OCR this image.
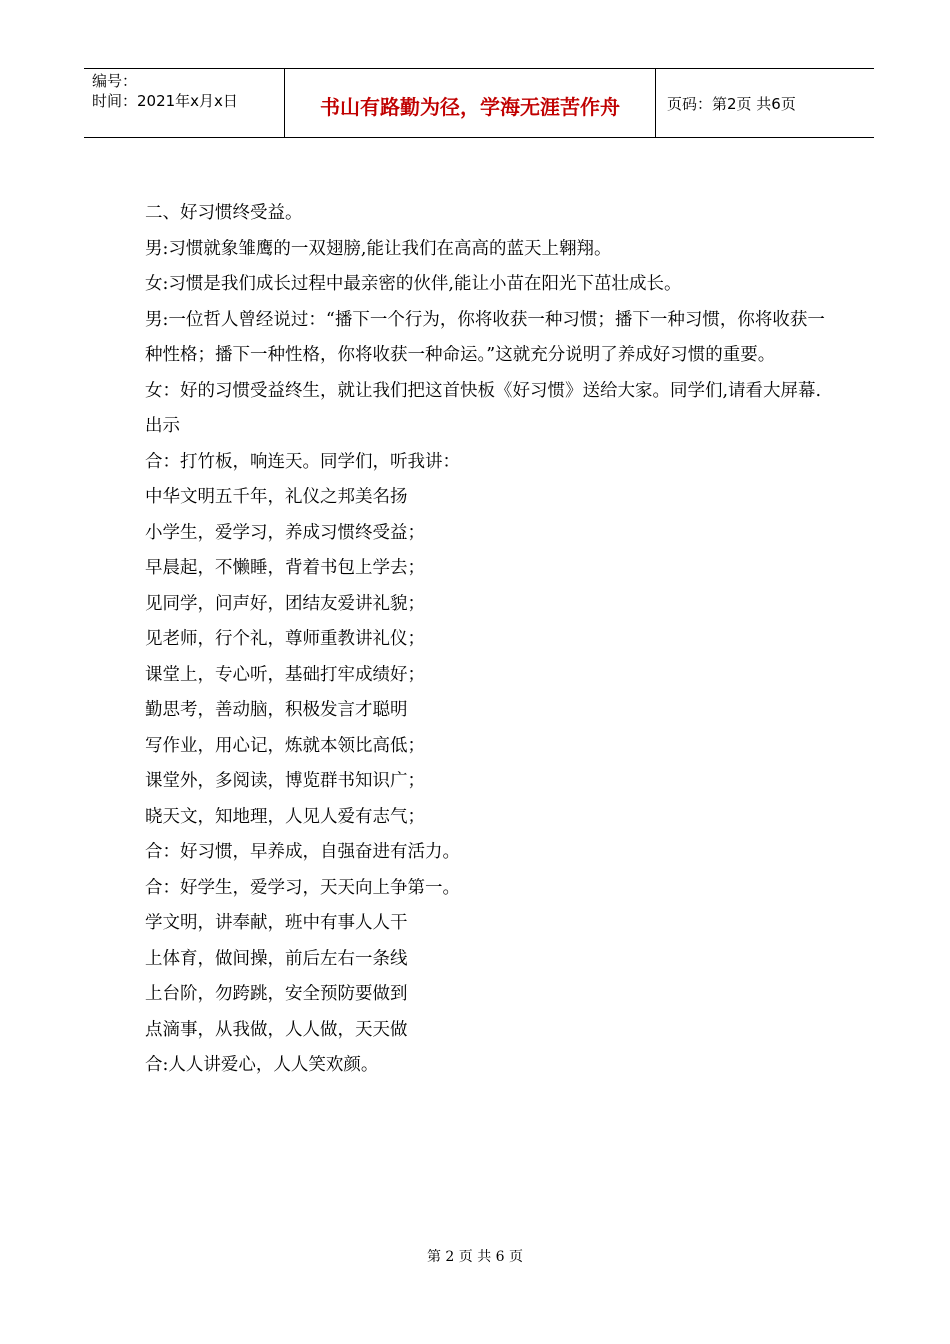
编号：
时间：2021年x月x日	书山有路勤为径，学海无涯苦作舟	页码：第2页 共6页

二、好习惯终受益。

男:习惯就象雏鹰的一双翅膀,能让我们在高高的蓝天上翱翔。

女:习惯是我们成长过程中最亲密的伙伴,能让小苗在阳光下茁壮成长。

男:一位哲人曾经说过：“播下一个行为，你将收获一种习惯；播下一种习惯，你将收获一种性格；播下一种性格，你将收获一种命运。”这就充分说明了养成好习惯的重要。

女：好的习惯受益终生，就让我们把这首快板《好习惯》送给大家。同学们,请看大屏幕.

出示

合：打竹板，响连天。同学们，听我讲：

中华文明五千年，礼仪之邦美名扬

小学生，爱学习，养成习惯终受益；

早晨起，不懒睡，背着书包上学去；

见同学，问声好，团结友爱讲礼貌；

见老师，行个礼，尊师重教讲礼仪；

课堂上，专心听，基础打牢成绩好；

勤思考，善动脑，积极发言才聪明

写作业，用心记，炼就本领比高低；

课堂外，多阅读，博览群书知识广；

晓天文，知地理，人见人爱有志气；

合：好习惯，早养成，自强奋进有活力。

合：好学生，爱学习，天天向上争第一。

学文明，讲奉献，班中有事人人干

上体育，做间操，前后左右一条线

上台阶，勿跨跳，安全预防要做到

点滴事，从我做，人人做，天天做

合:人人讲爱心，人人笑欢颜。

第 2 页 共 6 页
